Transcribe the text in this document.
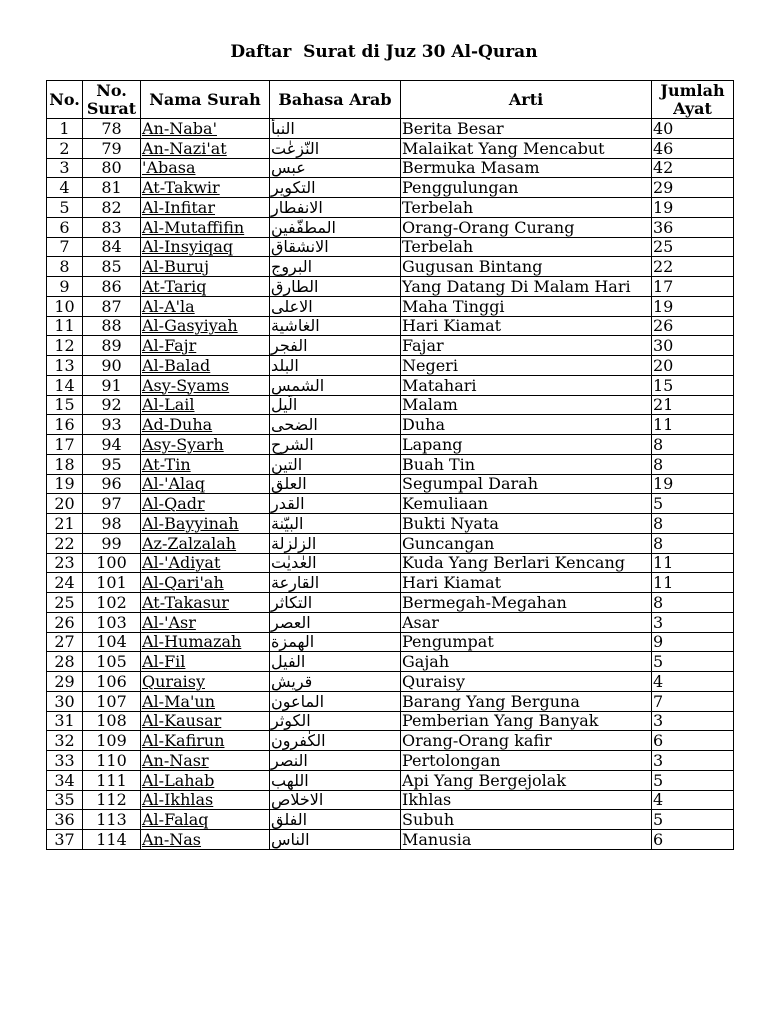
Daftar  Surat di Juz 30 Al-Quran
No.	No. Surat	Nama Surah	Bahasa Arab	Arti	Jumlah Ayat
1	78	An-Naba'	النبأ	Berita Besar	40
2	79	An-Nazi'at	النّزعٰت	Malaikat Yang Mencabut	46
3	80	'Abasa	عبس	Bermuka Masam	42
4	81	At-Takwir	التكوير	Penggulungan	29
5	82	Al-Infitar	الانفطار	Terbelah	19
6	83	Al-Mutaffifin	المطفّفين	Orang-Orang Curang	36
7	84	Al-Insyiqaq	الانشقاق	Terbelah	25
8	85	Al-Buruj	البروج	Gugusan Bintang	22
9	86	At-Tariq	الطارق	Yang Datang Di Malam Hari	17
10	87	Al-A'la	الاعلى	Maha Tinggi	19
11	88	Al-Gasyiyah	الغاشية	Hari Kiamat	26
12	89	Al-Fajr	الفجر	Fajar	30
13	90	Al-Balad	البلد	Negeri	20
14	91	Asy-Syams	الشمس	Matahari	15
15	92	Al-Lail	الّيل	Malam	21
16	93	Ad-Duha	الضحى	Duha	11
17	94	Asy-Syarh	الشرح	Lapang	8
18	95	At-Tin	التين	Buah Tin	8
19	96	Al-'Alaq	العلق	Segumpal Darah	19
20	97	Al-Qadr	القدر	Kemuliaan	5
21	98	Al-Bayyinah	البيّنة	Bukti Nyata	8
22	99	Az-Zalzalah	الزلزلة	Guncangan	8
23	100	Al-'Adiyat	العٰديٰت	Kuda Yang Berlari Kencang	11
24	101	Al-Qari'ah	القارعة	Hari Kiamat	11
25	102	At-Takasur	التكاثر	Bermegah-Megahan	8
26	103	Al-'Asr	العصر	Asar	3
27	104	Al-Humazah	الهمزة	Pengumpat	9
28	105	Al-Fil	الفيل	Gajah	5
29	106	Quraisy	قريش	Quraisy	4
30	107	Al-Ma'un	الماعون	Barang Yang Berguna	7
31	108	Al-Kausar	الكوثر	Pemberian Yang Banyak	3
32	109	Al-Kafirun	الكٰفرون	Orang-Orang kafir	6
33	110	An-Nasr	النصر	Pertolongan	3
34	111	Al-Lahab	اللهب	Api Yang Bergejolak	5
35	112	Al-Ikhlas	الاخلاص	Ikhlas	4
36	113	Al-Falaq	الفلق	Subuh	5
37	114	An-Nas	الناس	Manusia	6
